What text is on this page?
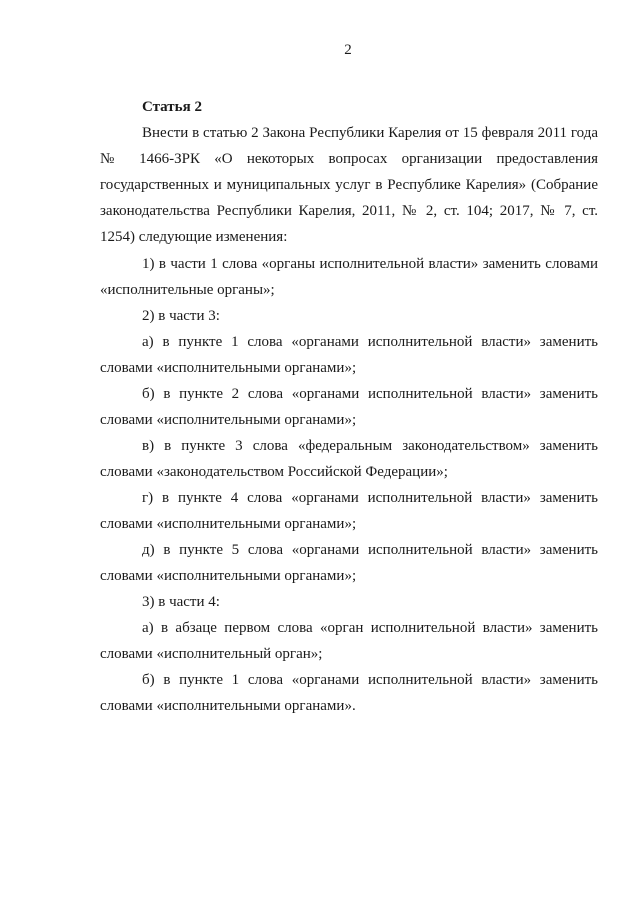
2

Статья 2

Внести в статью 2 Закона Республики Карелия от 15 февраля 2011 года № 1466-ЗРК «О некоторых вопросах организации предоставления государственных и муниципальных услуг в Республике Карелия» (Собрание законодательства Республики Карелия, 2011, № 2, ст. 104; 2017, № 7, ст. 1254) следующие изменения:

1) в части 1 слова «органы исполнительной власти» заменить словами «исполнительные органы»;

2) в части 3:

а) в пункте 1 слова «органами исполнительной власти» заменить словами «исполнительными органами»;

б) в пункте 2 слова «органами исполнительной власти» заменить словами «исполнительными органами»;

в) в пункте 3 слова «федеральным законодательством» заменить словами «законодательством Российской Федерации»;

г) в пункте 4 слова «органами исполнительной власти» заменить словами «исполнительными органами»;

д) в пункте 5 слова «органами исполнительной власти» заменить словами «исполнительными органами»;

3) в части 4:

а) в абзаце первом слова «орган исполнительной власти» заменить словами «исполнительный орган»;

б) в пункте 1 слова «органами исполнительной власти» заменить словами «исполнительными органами».
